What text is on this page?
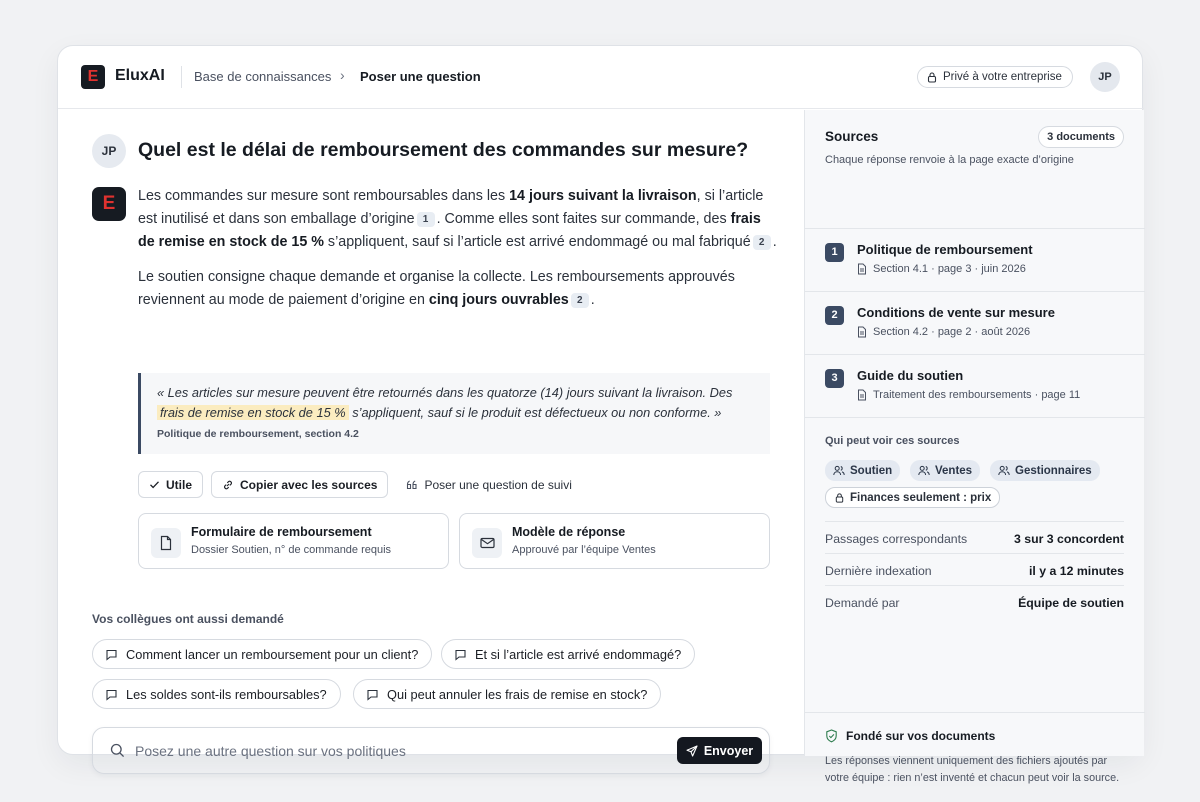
E	EluxAI Base de connaissances › Poser une question	Privé à votre entreprise	JP
JP	Quel est le délai de remboursement des commandes sur mesure?
E	Les commandes sur mesure sont remboursables dans les 14 jours suivant la livraison, si l’article est inutilisé et dans son emballage d’origine 1 . Comme elles sont faites sur commande, des frais de remise en stock de 15 % s’appliquent, sauf si l’article est arrivé endommagé ou mal fabriqué 2 .

Le soutien consigne chaque demande et organise la collecte. Les remboursements approuvés reviennent au mode de paiement d’origine en cinq jours ouvrables 2 .

« Les articles sur mesure peuvent être retournés dans les quatorze (14) jours suivant la livraison. Des frais de remise en stock de 15 % s’appliquent, sauf si le produit est défectueux ou non conforme. »
Politique de remboursement, section 4.2
Utile	Copier avec les sources	Poser une question de suivi
Formulaire de remboursement
Dossier Soutien, n° de commande requis
Modèle de réponse
Approuvé par l’équipe Ventes
Vos collègues ont aussi demandé
Comment lancer un remboursement pour un client?	Et si l’article est arrivé endommagé?
Les soldes sont-ils remboursables?	Qui peut annuler les frais de remise en stock?
Posez une autre question sur vos politiques
Envoyer
Sources	3 documents
Chaque réponse renvoie à la page exacte d’origine
1	Politique de remboursement
Section 4.1 · page 3 · juin 2026
2	Conditions de vente sur mesure
Section 4.2 · page 2 · août 2026
3	Guide du soutien
Traitement des remboursements · page 11
Qui peut voir ces sources
Soutien	Ventes	Gestionnaires
Finances seulement : prix
Passages correspondants	3 sur 3 concordent
Dernière indexation	il y a 12 minutes
Demandé par	Équipe de soutien
Fondé sur vos documents
Les réponses viennent uniquement des fichiers ajoutés par votre équipe : rien n’est inventé et chacun peut voir la source.
